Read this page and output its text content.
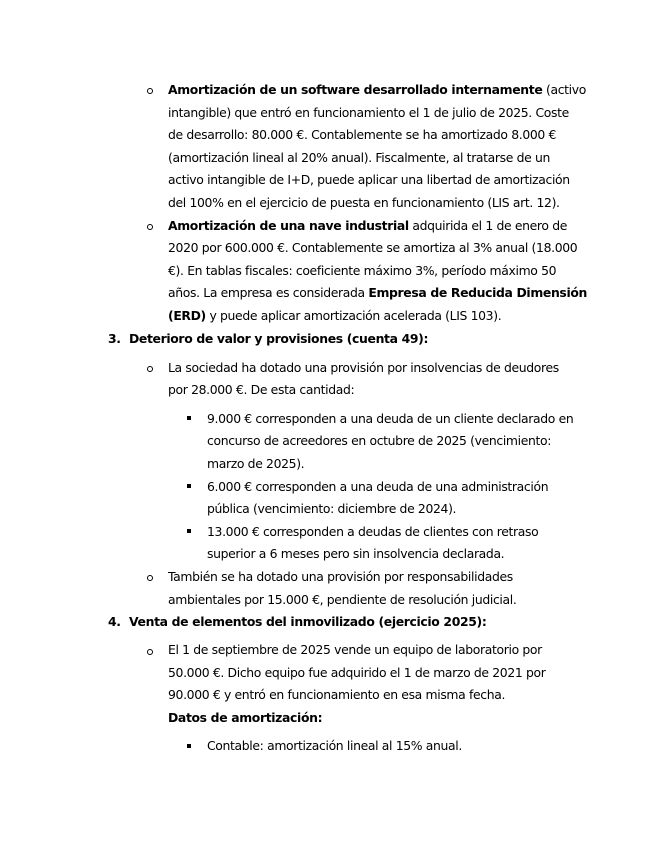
Amortización de un software desarrollado internamente (activo
intangible) que entró en funcionamiento el 1 de julio de 2025. Coste
de desarrollo: 80.000 €. Contablemente se ha amortizado 8.000 €
(amortización lineal al 20% anual). Fiscalmente, al tratarse de un
activo intangible de I+D, puede aplicar una libertad de amortización
del 100% en el ejercicio de puesta en funcionamiento (LIS art. 12).
Amortización de una nave industrial adquirida el 1 de enero de
2020 por 600.000 €. Contablemente se amortiza al 3% anual (18.000
€). En tablas fiscales: coeficiente máximo 3%, período máximo 50
años. La empresa es considerada Empresa de Reducida Dimensión
(ERD) y puede aplicar amortización acelerada (LIS 103).
3. Deterioro de valor y provisiones (cuenta 49):
La sociedad ha dotado una provisión por insolvencias de deudores
por 28.000 €. De esta cantidad:
9.000 € corresponden a una deuda de un cliente declarado en
concurso de acreedores en octubre de 2025 (vencimiento:
marzo de 2025).
6.000 € corresponden a una deuda de una administración
pública (vencimiento: diciembre de 2024).
13.000 € corresponden a deudas de clientes con retraso
superior a 6 meses pero sin insolvencia declarada.
También se ha dotado una provisión por responsabilidades
ambientales por 15.000 €, pendiente de resolución judicial.
4. Venta de elementos del inmovilizado (ejercicio 2025):
El 1 de septiembre de 2025 vende un equipo de laboratorio por
50.000 €. Dicho equipo fue adquirido el 1 de marzo de 2021 por
90.000 € y entró en funcionamiento en esa misma fecha.
Datos de amortización:
Contable: amortización lineal al 15% anual.
